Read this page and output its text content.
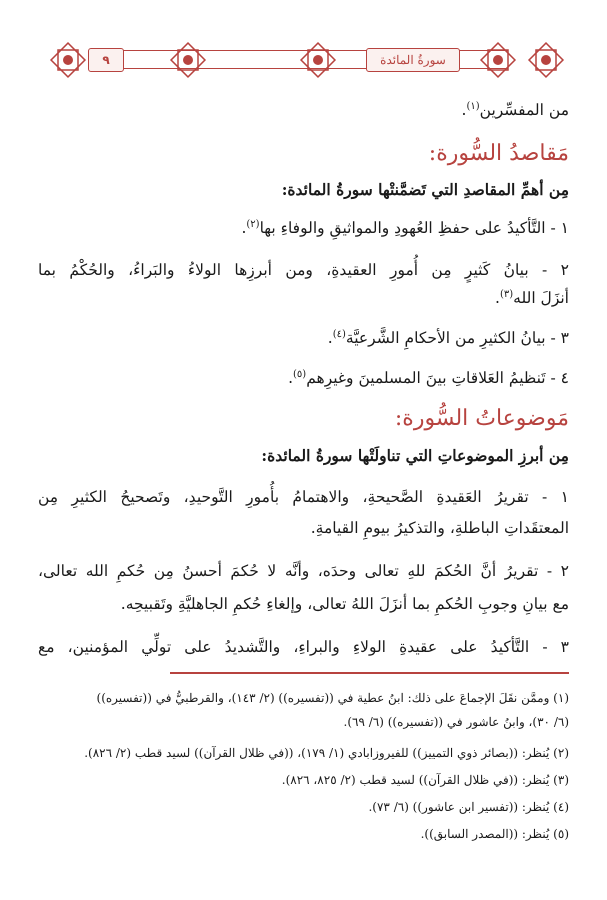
٩	سورةُ المائدة
من المفسِّرين$^{(١)}$.
مَقاصدُ السُّورة:
مِن أهمِّ المقاصدِ التي تَضمَّنتْها سورةُ المائدة:
١ - التَّأكيدُ على حفظِ العُهودِ والمواثيقِ والوفاءِ بها$^{(٢)}$.
٢ - بيانُ كَثيرٍ مِن أُمورِ العقيدةِ، ومن أبرزِها الولاءُ والبَراءُ، والحُكْمُ بما
أنزَلَ الله$^{(٣)}$.
٣ - بيانُ الكثيرِ من الأحكامِ الشَّرعيَّة$^{(٤)}$.
٤ - تَنظيمُ العَلاقاتِ بينَ المسلمينَ وغيرِهم$^{(٥)}$.
مَوضوعاتُ السُّورة:
مِن أبرزِ الموضوعاتِ التي تناولَتْها سورةُ المائدة:
١ - تقريرُ العَقيدةِ الصَّحيحةِ، والاهتمامُ بأُمورِ التَّوحيدِ، وتَصحيحُ الكثيرِ مِن
المعتقَداتِ الباطلةِ، والتذكيرُ بيومِ القيامةِ.
٢ - تقريرُ أنَّ الحُكمَ للهِ تعالى وحدَه، وأنَّه لا حُكمَ أحسنُ مِن حُكمِ الله تعالى،
مع بيانِ وجوبِ الحُكمِ بما أنزَلَ اللهُ تعالى، وإلغاءِ حُكمِ الجاهليَّةِ وتَقبيحِه.
٣ - التَّأكيدُ على عقيدةِ الولاءِ والبراءِ، والتَّشديدُ على تولِّي المؤمنين، مع
(١) وممَّن نقَلَ الإجماعَ على ذلك: ابنُ عطية في ((تفسيره)) (٢/ ١٤٣)، والقرطبيُّ في ((تفسيره))
(٦/ ٣٠)، وابنُ عاشور في ((تفسيره)) (٦/ ٦٩).
(٢) يُنظر: ((بصائر ذوي التمييز)) للفيروزابادي (١/ ١٧٩)، ((في ظلال القرآن)) لسيد قطب (٢/ ٨٢٦).
(٣) يُنظر: ((في ظلال القرآن)) لسيد قطب (٢/ ٨٢٥، ٨٢٦).
(٤) يُنظر: ((تفسير ابن عاشور)) (٦/ ٧٣).
(٥) يُنظر: ((المصدر السابق)).
